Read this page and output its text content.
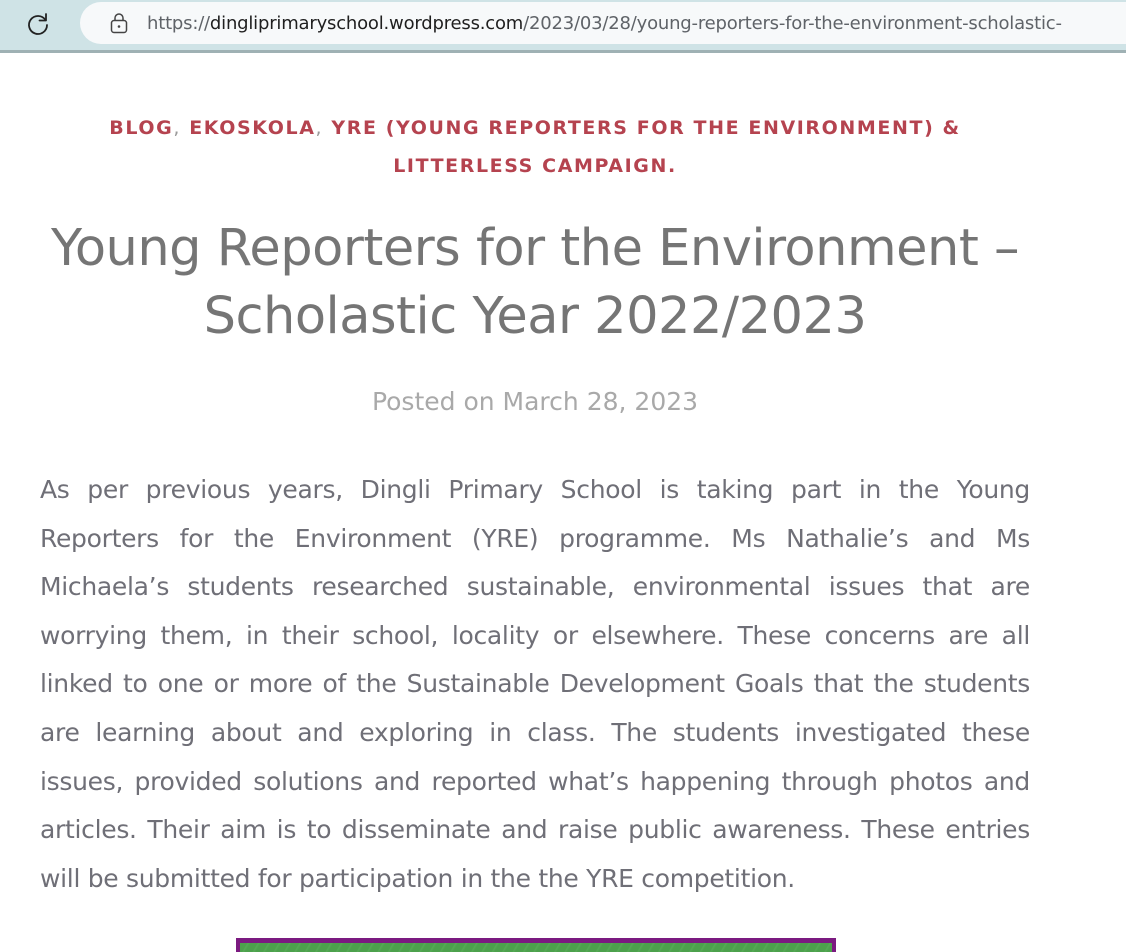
https://dingliprimaryschool.wordpress.com/2023/03/28/young-reporters-for-the-environment-scholastic-
BLOG, EKOSKOLA, YRE (YOUNG REPORTERS FOR THE ENVIRONMENT) & LITTERLESS CAMPAIGN.
Young Reporters for the Environment – Scholastic Year 2022/2023
Posted on March 28, 2023

As per previous years, Dingli Primary School is taking part in the Young Reporters for the Environment (YRE) programme. Ms Nathalie’s and Ms Michaela’s students researched sustainable, environmental issues that are worrying them, in their school, locality or elsewhere. These concerns are all linked to one or more of the Sustainable Development Goals that the students are learning about and exploring in class. The students investigated these issues, provided solutions and reported what’s happening through photos and articles. Their aim is to disseminate and raise public awareness. These entries will be submitted for participation in the the YRE competition.
